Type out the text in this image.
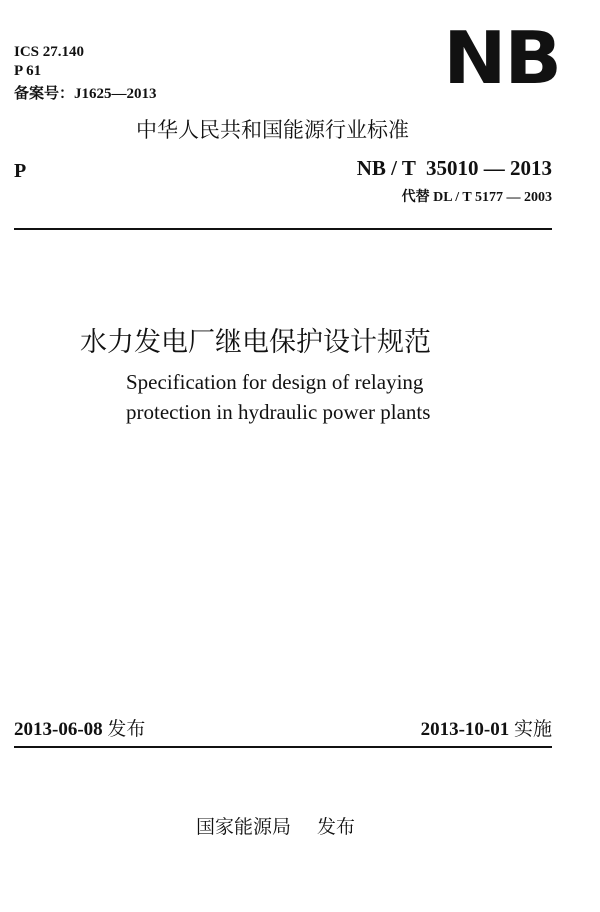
ICS 27.140
P 61
备案号：J1625—2013	NB
中华人民共和国能源行业标准
P	NB / T  35010 — 2013
代替 DL / T 5177 — 2003
水力发电厂继电保护设计规范
Specification for design of relaying
protection in hydraulic power plants
2013-06-08 发布	2013-10-01 实施
国家能源局 发布
